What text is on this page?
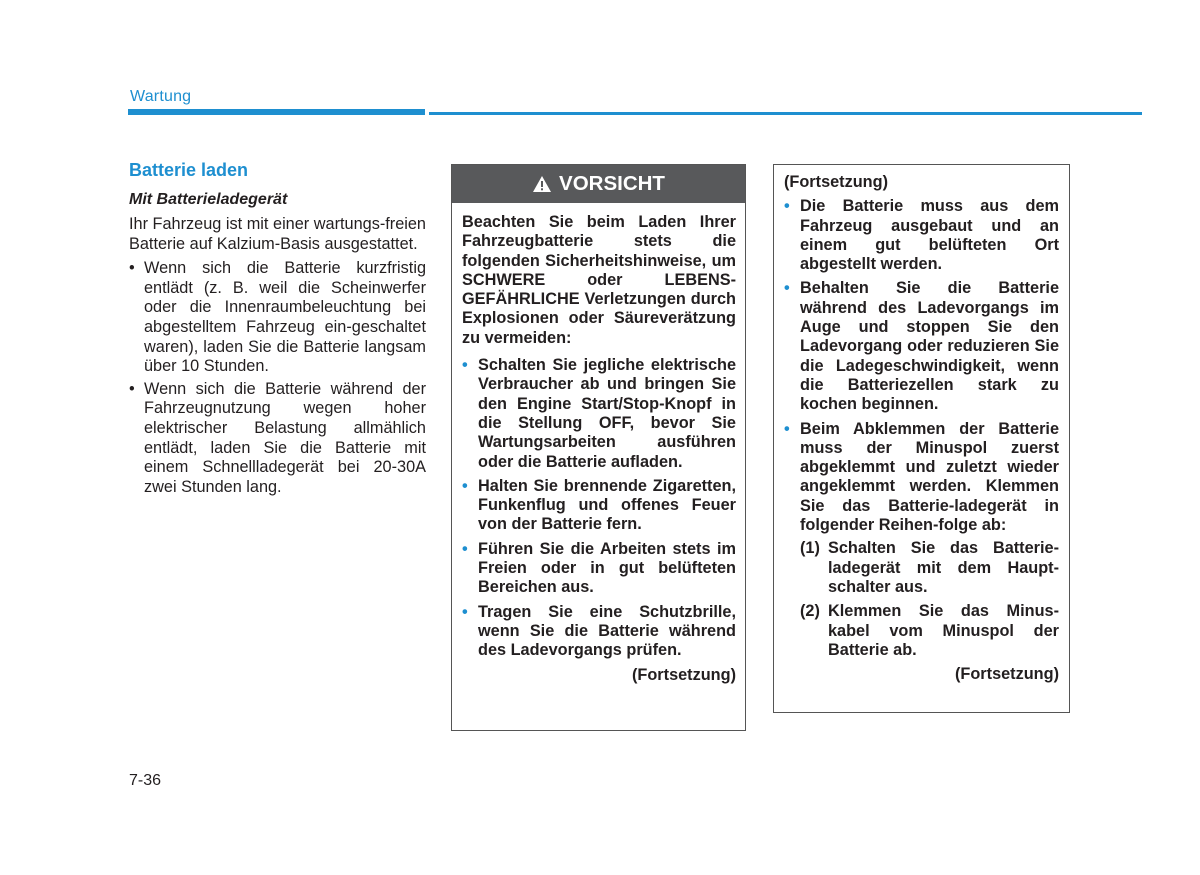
Wartung
Batterie laden
Mit Batterieladegerät

Ihr Fahrzeug ist mit einer wartungs-freien Batterie auf Kalzium-Basis ausgestattet.

• Wenn sich die Batterie kurzfristig entlädt (z. B. weil die Scheinwerfer oder die Innenraumbeleuchtung bei abgestelltem Fahrzeug ein-geschaltet waren), laden Sie die Batterie langsam über 10 Stunden.
• Wenn sich die Batterie während der Fahrzeugnutzung wegen hoher elektrischer Belastung allmählich entlädt, laden Sie die Batterie mit einem Schnellladegerät bei 20-30A zwei Stunden lang.
VORSICHT

Beachten Sie beim Laden Ihrer Fahrzeugbatterie stets die folgenden Sicherheitshinweise, um SCHWERE oder LEBENS-GEFÄHRLICHE Verletzungen durch Explosionen oder Säureverätzung zu vermeiden:

• Schalten Sie jegliche elektrische Verbraucher ab und bringen Sie den Engine Start/Stop-Knopf in die Stellung OFF, bevor Sie Wartungsarbeiten ausführen oder die Batterie aufladen.
• Halten Sie brennende Zigaretten, Funkenflug und offenes Feuer von der Batterie fern.
• Führen Sie die Arbeiten stets im Freien oder in gut belüfteten Bereichen aus.
• Tragen Sie eine Schutzbrille, wenn Sie die Batterie während des Ladevorgangs prüfen.
(Fortsetzung)
(Fortsetzung)
• Die Batterie muss aus dem Fahrzeug ausgebaut und an einem gut belüfteten Ort abgestellt werden.
• Behalten Sie die Batterie während des Ladevorgangs im Auge und stoppen Sie den Ladevorgang oder reduzieren Sie die Ladegeschwindigkeit, wenn die Batteriezellen stark zu kochen beginnen.
• Beim Abklemmen der Batterie muss der Minuspol zuerst abgeklemmt und zuletzt wieder angeklemmt werden. Klemmen Sie das Batterie-ladegerät in folgender Reihen-folge ab:
(1) Schalten Sie das Batterie-ladegerät mit dem Haupt-schalter aus.
(2) Klemmen Sie das Minus-kabel vom Minuspol der Batterie ab.
(Fortsetzung)
7-36
